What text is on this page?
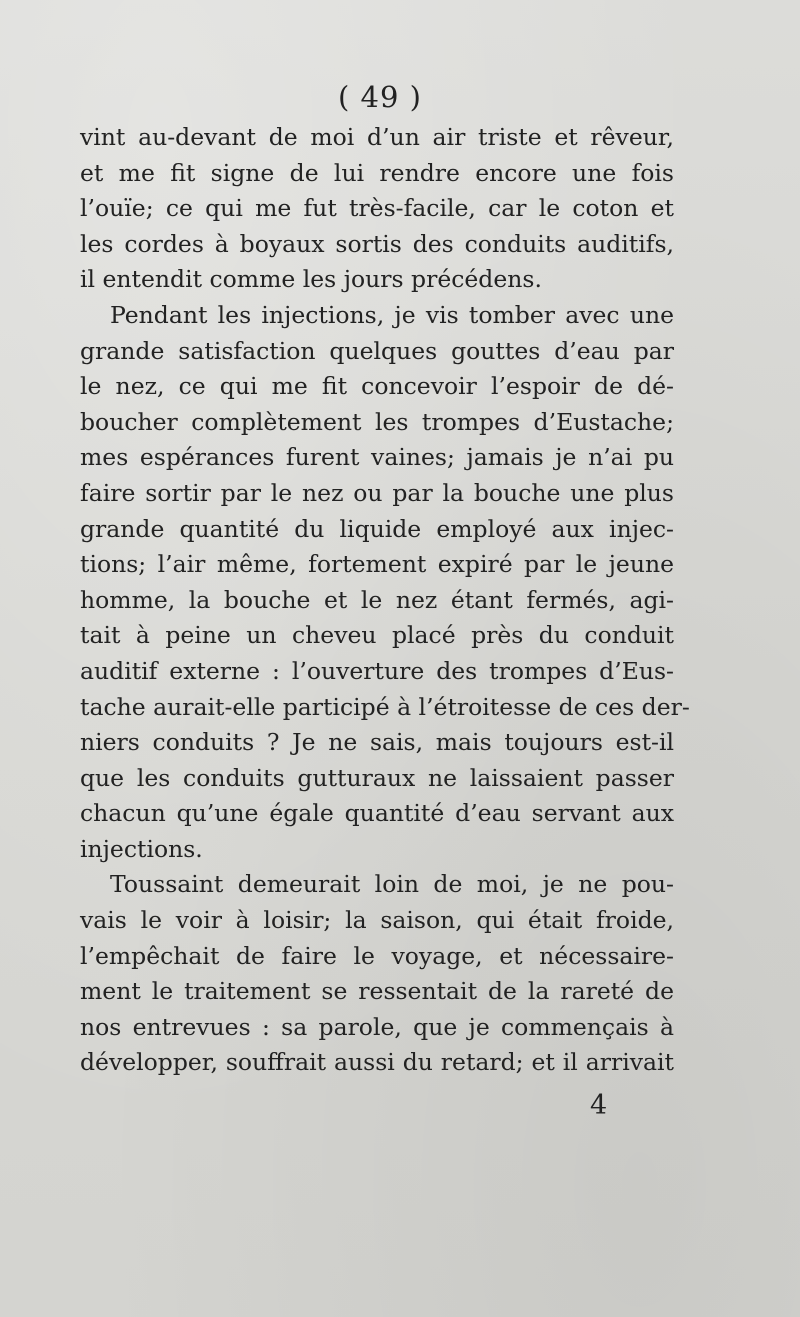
( 49 )

vint au-devant de moi d’un air triste et rêveur,
et me fit signe de lui rendre encore une fois
l’ouïe; ce qui me fut très-facile, car le coton et
les cordes à boyaux sortis des conduits auditifs,
il entendit comme les jours précédens.

Pendant les injections, je vis tomber avec une
grande satisfaction quelques gouttes d’eau par
le nez, ce qui me fit concevoir l’espoir de dé-
boucher complètement les trompes d’Eustache;
mes espérances furent vaines; jamais je n’ai pu
faire sortir par le nez ou par la bouche une plus
grande quantité du liquide employé aux injec-
tions; l’air même, fortement expiré par le jeune
homme, la bouche et le nez étant fermés, agi-
tait à peine un cheveu placé près du conduit
auditif externe : l’ouverture des trompes d’Eus-
tache aurait-elle participé à l’étroitesse de ces der-
niers conduits ? Je ne sais, mais toujours est-il
que les conduits gutturaux ne laissaient passer
chacun qu’une égale quantité d’eau servant aux
injections.

Toussaint demeurait loin de moi, je ne pou-
vais le voir à loisir; la saison, qui était froide,
l’empêchait de faire le voyage, et nécessaire-
ment le traitement se ressentait de la rareté de
nos entrevues : sa parole, que je commençais à
développer, souffrait aussi du retard; et il arrivait

4
